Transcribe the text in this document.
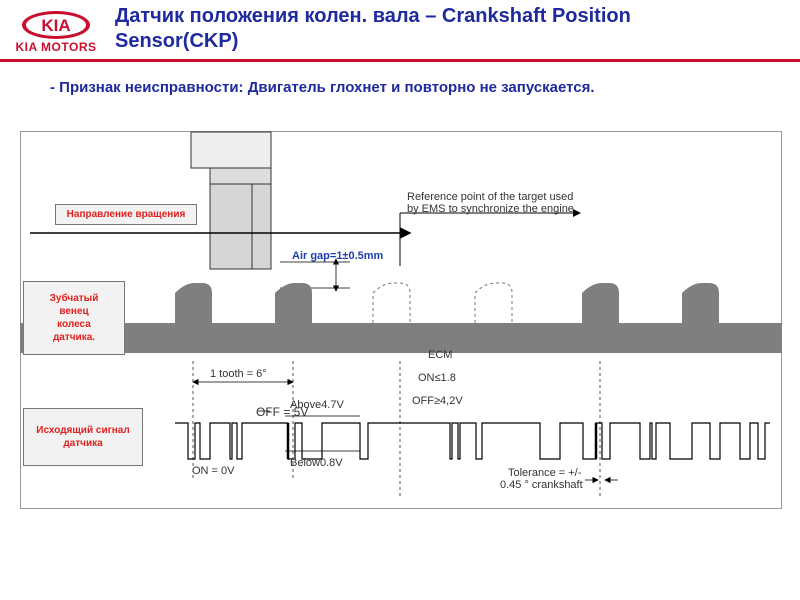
KIA
KIA MOTORS
Датчик положения колен. вала – Crankshaft Position
Sensor(CKP)
- Признак неисправности: Двигатель глохнет и повторно не запускается.
Направление вращения
Reference point of the target used
by EMS to synchronize the engine
Air gap=1±0.5mm
Зубчатый
венец
колеса
датчика.
ECM
ON≤1.8
OFF≥4,2V
1 tooth = 6°
OFF = 5V
Above4.7V
Below0.8V
ON = 0V
Исходящий сигнал
датчика
Tolerance = +/-
0.45 ° crankshaft
